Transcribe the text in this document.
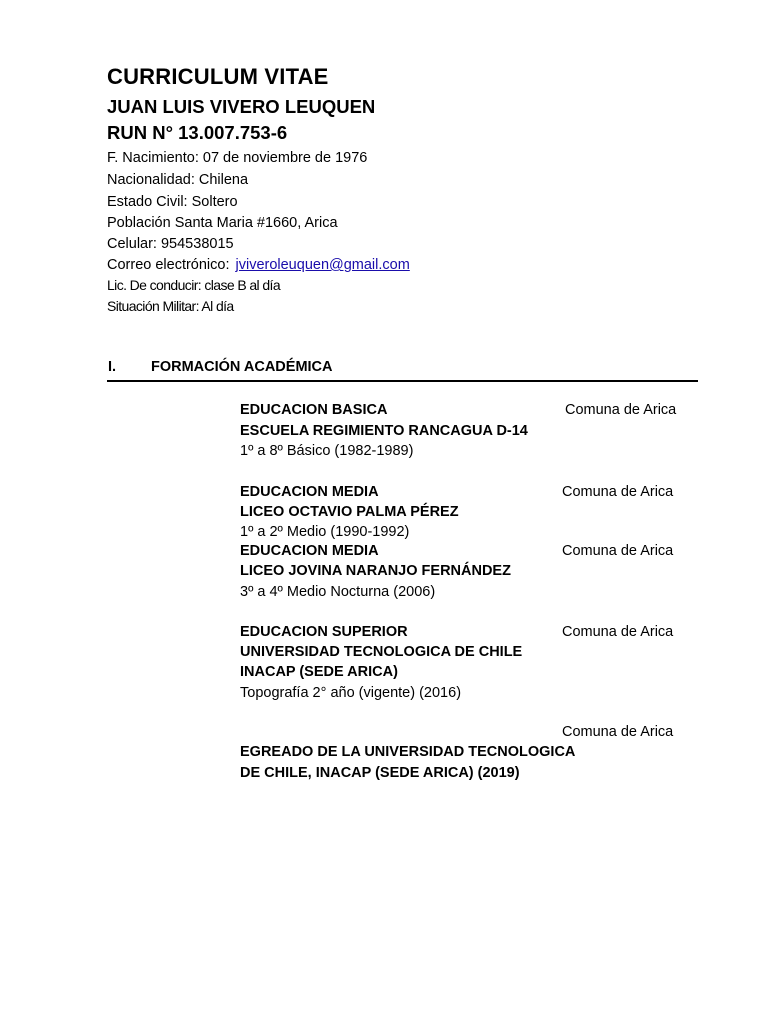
CURRICULUM VITAE
JUAN LUIS VIVERO LEUQUEN
RUN N° 13.007.753-6
F. Nacimiento: 07 de noviembre de 1976
Nacionalidad: Chilena
Estado Civil: Soltero
Población Santa Maria #1660, Arica
Celular: 954538015
Correo electrónico: jviveroleuquen@gmail.com
Lic. De conducir: clase B al día
Situación Militar: Al día
I. FORMACIÓN ACADÉMICA
EDUCACION BASICA	Comuna de Arica
ESCUELA REGIMIENTO RANCAGUA D-14
1º a 8º Básico (1982-1989)
EDUCACION MEDIA	Comuna de Arica
LICEO OCTAVIO PALMA PÉREZ
1º a 2º Medio (1990-1992)
EDUCACION MEDIA	Comuna de Arica
LICEO JOVINA NARANJO FERNÁNDEZ
3º a 4º Medio Nocturna (2006)
EDUCACION SUPERIOR	Comuna de Arica
UNIVERSIDAD TECNOLOGICA DE CHILE
INACAP (SEDE ARICA)
Topografía 2° año (vigente) (2016)
Comuna de Arica
EGREADO DE LA UNIVERSIDAD TECNOLOGICA
DE CHILE, INACAP (SEDE ARICA) (2019)
